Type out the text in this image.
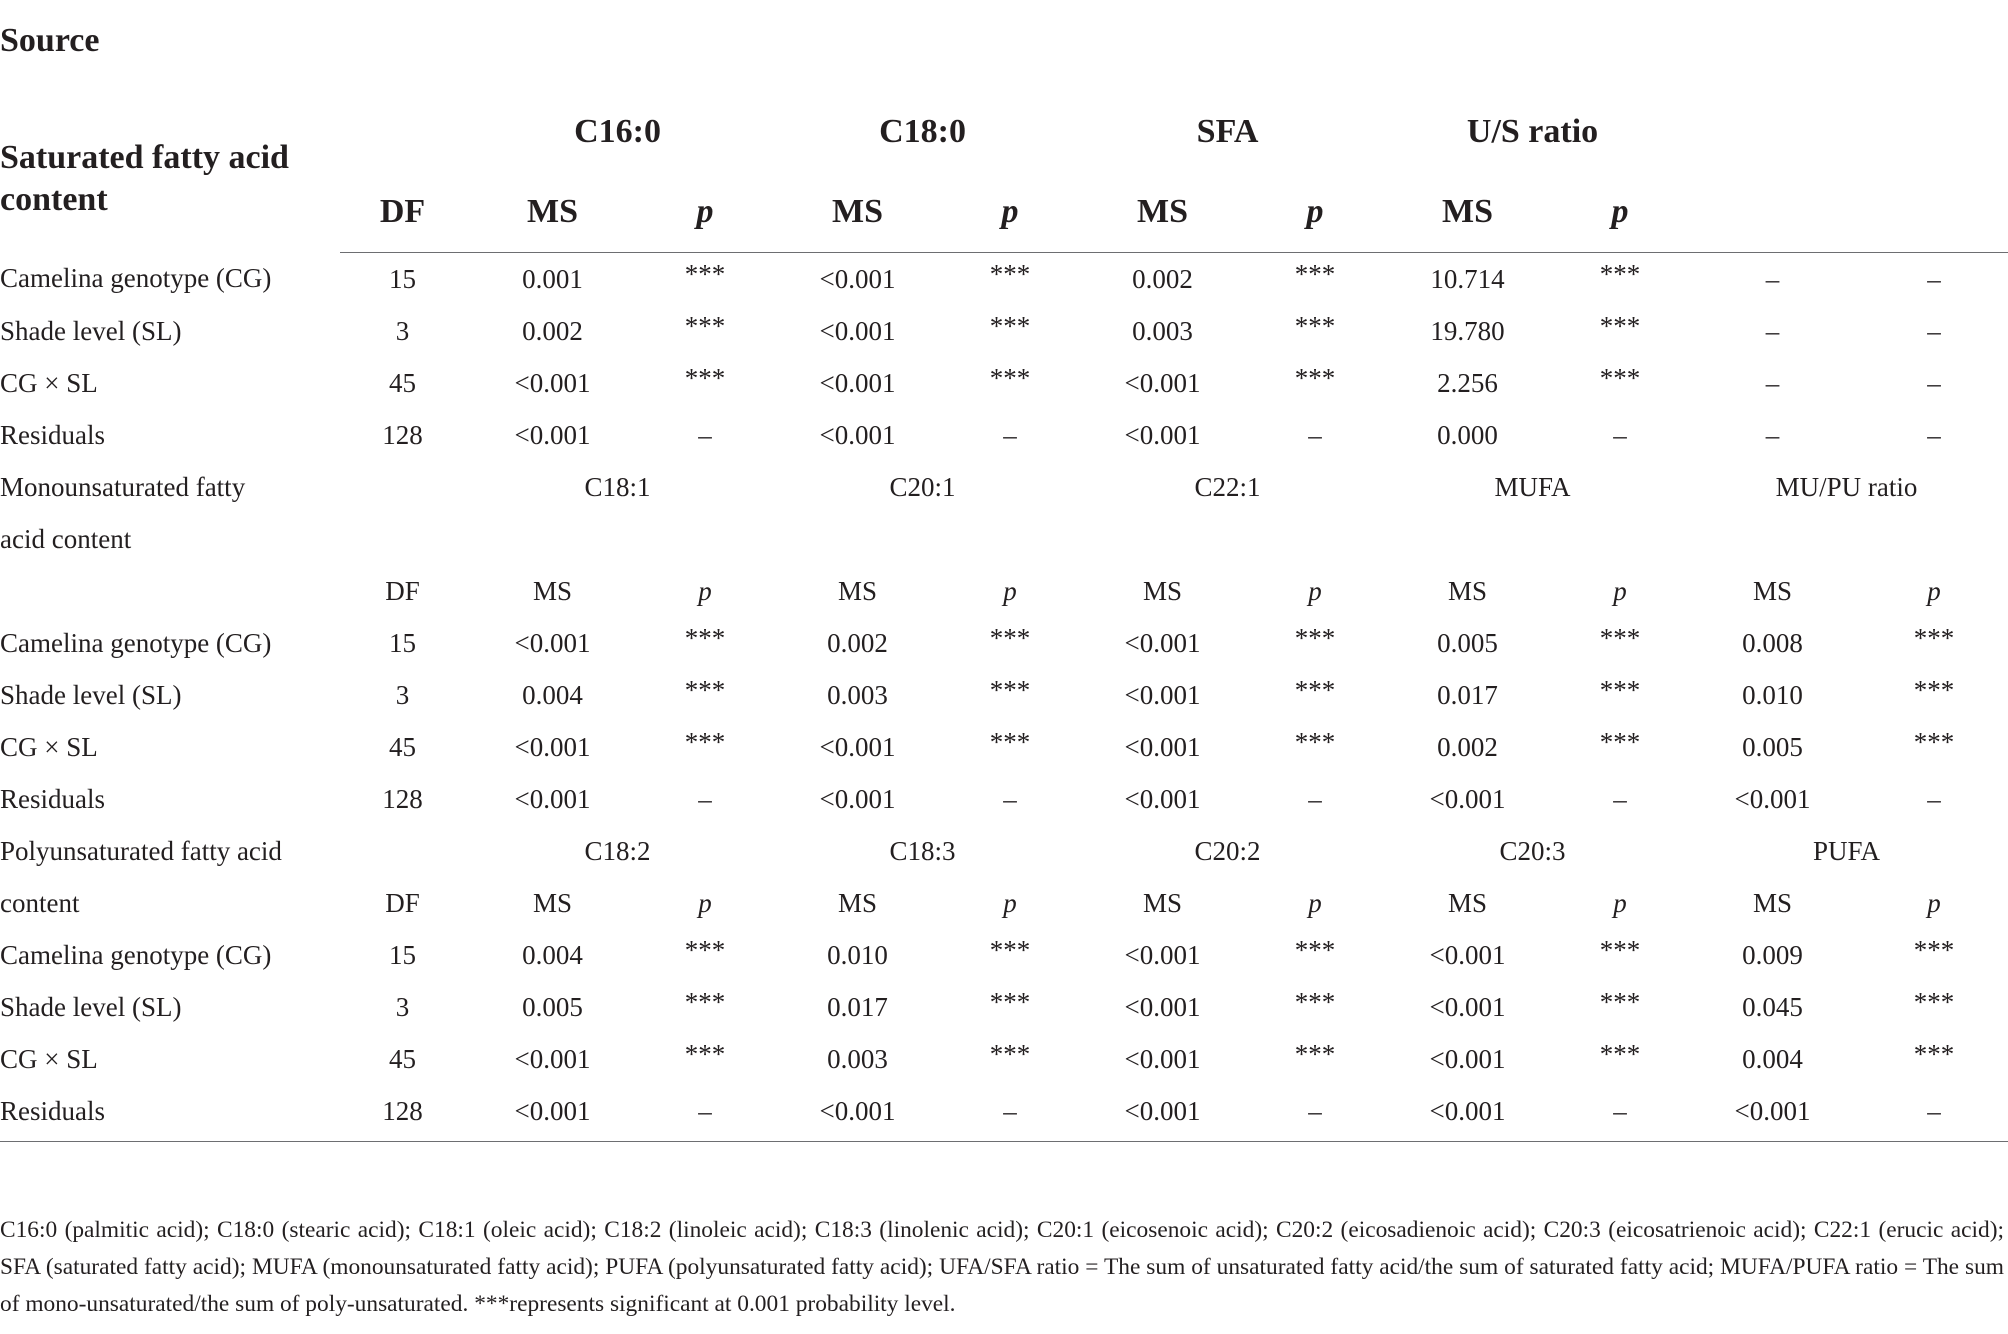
Source
Saturated fatty acid content		C16:0		C18:0		SFA		U/S ratio			
	DF	MS	p	MS	p	MS	p	MS	p		
Camelina genotype (CG)	15	0.001	***	<0.001	***	0.002	***	10.714	***	–	–
Shade level (SL)	3	0.002	***	<0.001	***	0.003	***	19.780	***	–	–
CG × SL	45	<0.001	***	<0.001	***	<0.001	***	2.256	***	–	–
Residuals	128	<0.001	–	<0.001	–	<0.001	–	0.000	–	–	–
Monounsaturated fatty		C18:1		C20:1		C22:1		MUFA		MU/PU ratio	
acid content											
	DF	MS	p	MS	p	MS	p	MS	p	MS	p
Camelina genotype (CG)	15	<0.001	***	0.002	***	<0.001	***	0.005	***	0.008	***
Shade level (SL)	3	0.004	***	0.003	***	<0.001	***	0.017	***	0.010	***
CG × SL	45	<0.001	***	<0.001	***	<0.001	***	0.002	***	0.005	***
Residuals	128	<0.001	–	<0.001	–	<0.001	–	<0.001	–	<0.001	–
Polyunsaturated fatty acid		C18:2		C18:3		C20:2		C20:3		PUFA	
content	DF	MS	p	MS	p	MS	p	MS	p	MS	p
Camelina genotype (CG)	15	0.004	***	0.010	***	<0.001	***	<0.001	***	0.009	***
Shade level (SL)	3	0.005	***	0.017	***	<0.001	***	<0.001	***	0.045	***
CG × SL	45	<0.001	***	0.003	***	<0.001	***	<0.001	***	0.004	***
Residuals	128	<0.001	–	<0.001	–	<0.001	–	<0.001	–	<0.001	–
C16:0 (palmitic acid); C18:0 (stearic acid); C18:1 (oleic acid); C18:2 (linoleic acid); C18:3 (linolenic acid); C20:1 (eicosenoic acid); C20:2 (eicosadienoic acid); C20:3 (eicosatrienoic acid); C22:1 (erucic acid); SFA (saturated fatty acid); MUFA (monounsaturated fatty acid); PUFA (polyunsaturated fatty acid); UFA/SFA ratio = The sum of unsaturated fatty acid/the sum of saturated fatty acid; MUFA/PUFA ratio = The sum of mono-unsaturated/the sum of poly-unsaturated. ***represents significant at 0.001 probability level.
